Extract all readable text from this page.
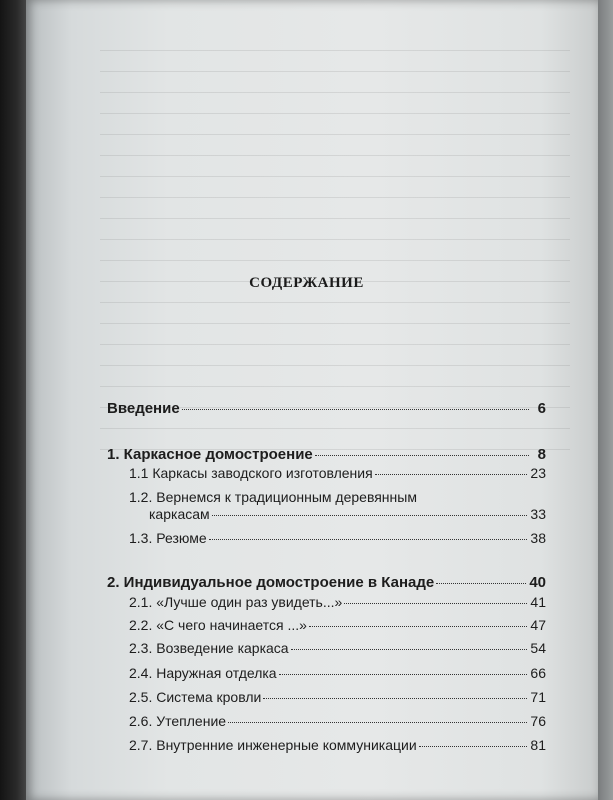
СОДЕРЖАНИЕ
Введение	6
1. Каркасное домостроение	8
1.1 Каркасы заводского изготовления	23
1.2. Вернемся к традиционным деревянным
каркасам	33
1.3. Резюме	38
2. Индивидуальное домостроение в Канаде	40
2.1. «Лучше один раз увидеть...»	41
2.2. «С чего начинается ...»	47
2.3. Возведение каркаса	54
2.4. Наружная отделка	66
2.5. Система кровли	71
2.6. Утепление	76
2.7. Внутренние инженерные коммуникации	81
